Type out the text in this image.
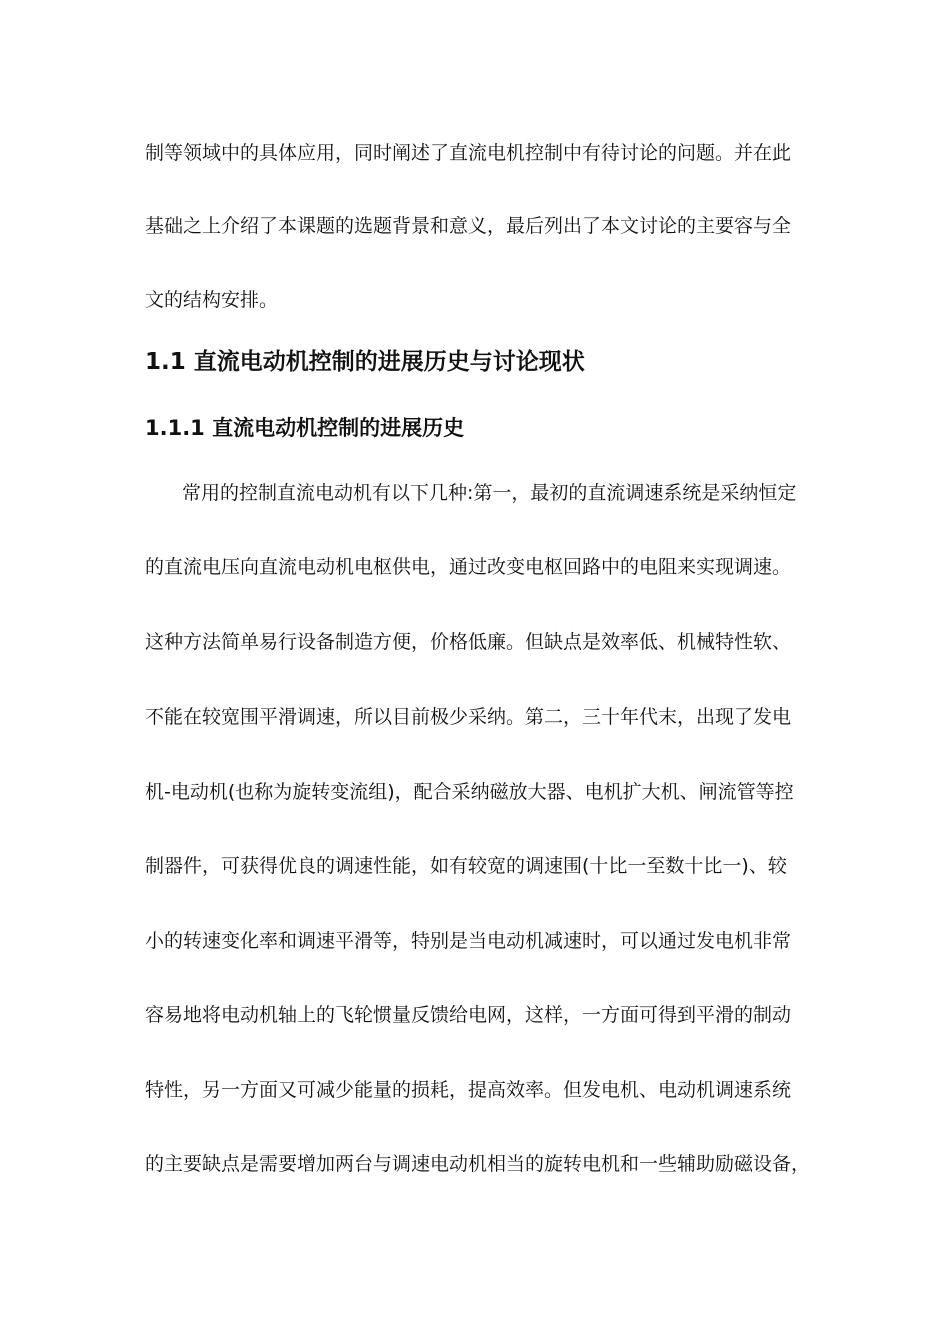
制等领域中的具体应用，同时阐述了直流电机控制中有待讨论的问题。并在此
基础之上介绍了本课题的选题背景和意义，最后列出了本文讨论的主要容与全
文的结构安排。
1.1 直流电动机控制的进展历史与讨论现状
1.1.1 直流电动机控制的进展历史
常用的控制直流电动机有以下几种:第一，最初的直流调速系统是采纳恒定
的直流电压向直流电动机电枢供电，通过改变电枢回路中的电阻来实现调速。
这种方法简单易行设备制造方便，价格低廉。但缺点是效率低、机械特性软、
不能在较宽围平滑调速，所以目前极少采纳。第二，三十年代末，出现了发电
机-电动机(也称为旋转变流组)，配合采纳磁放大器、电机扩大机、闸流管等控
制器件，可获得优良的调速性能，如有较宽的调速围(十比一至数十比一)、较
小的转速变化率和调速平滑等，特别是当电动机减速时，可以通过发电机非常
容易地将电动机轴上的飞轮惯量反馈给电网，这样，一方面可得到平滑的制动
特性，另一方面又可减少能量的损耗，提高效率。但发电机、电动机调速系统
的主要缺点是需要增加两台与调速电动机相当的旋转电机和一些辅助励磁设备，
